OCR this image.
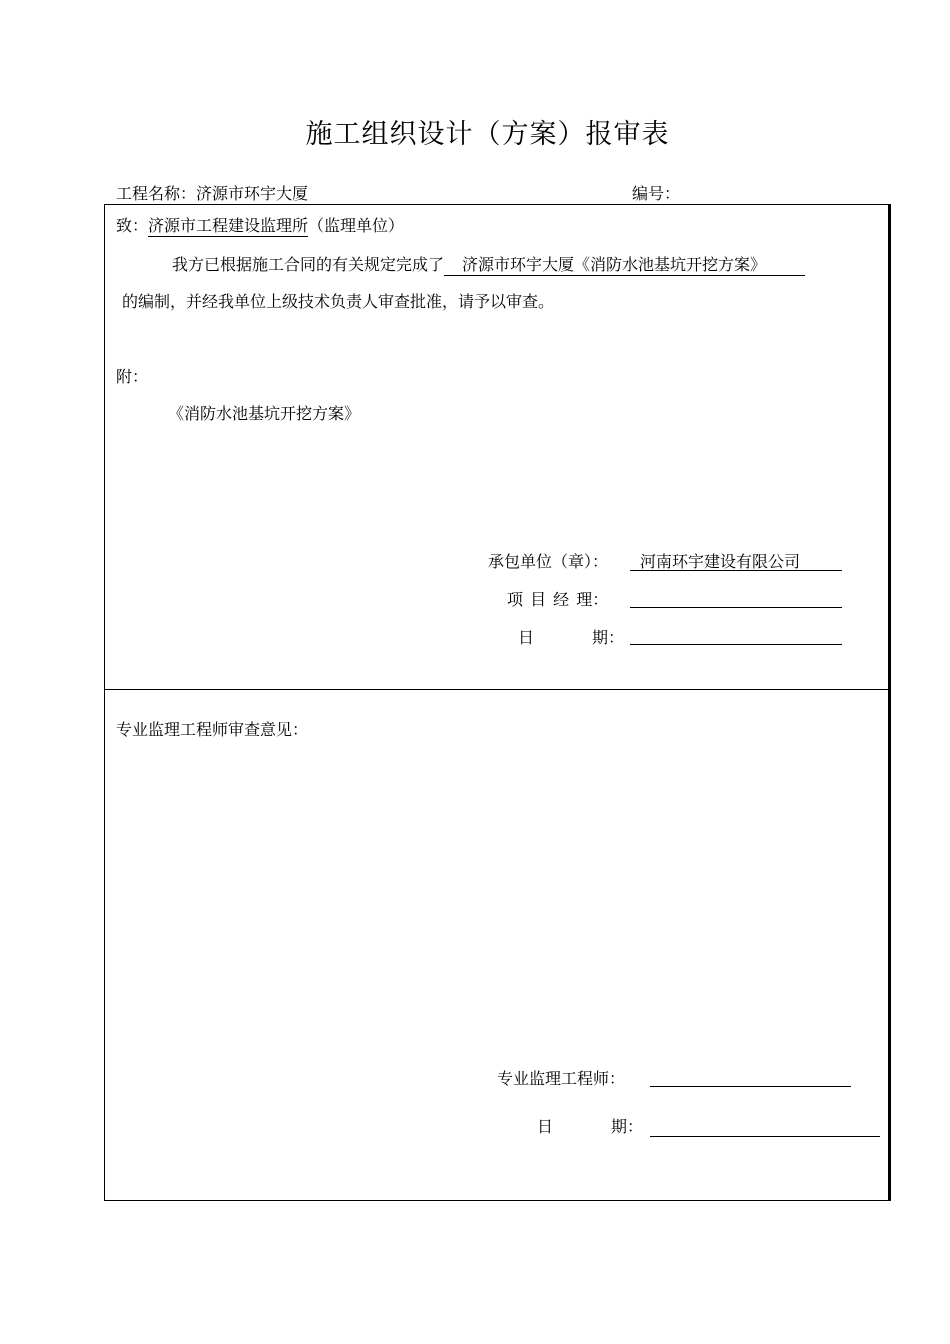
施工组织设计（方案）报审表
工程名称：济源市环宇大厦	编号：
致：济源市工程建设监理所（监理单位）
我方已根据施工合同的有关规定完成了 济源市环宇大厦《消防水池基坑开挖方案》
的编制，并经我单位上级技术负责人审查批准，请予以审查。
附：
《消防水池基坑开挖方案》
承包单位（章）： 河南环宇建设有限公司
项 目 经 理：
日	期：
专业监理工程师审查意见：
专业监理工程师：
日	期：
